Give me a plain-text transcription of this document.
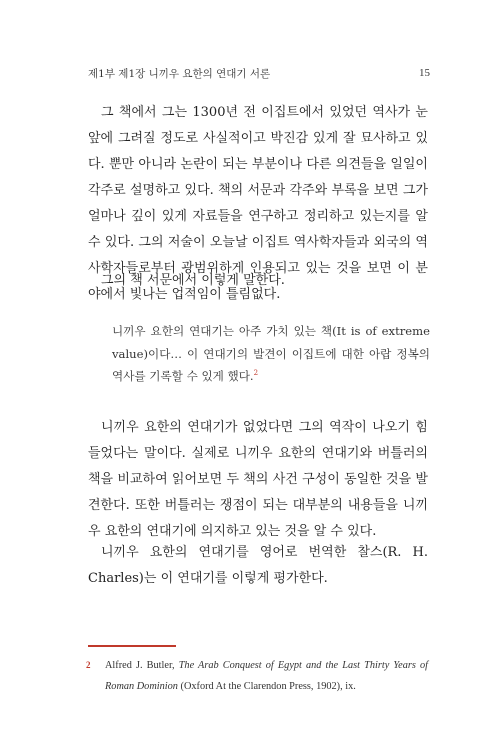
제1부 제1장 니끼우 요한의 연대기 서론	15

그 책에서 그는 1300년 전 이집트에서 있었던 역사가 눈앞에 그려질 정도로 사실적이고 박진감 있게 잘 묘사하고 있다. 뿐만 아니라 논란이 되는 부분이나 다른 의견들을 일일이 각주로 설명하고 있다. 책의 서문과 각주와 부록을 보면 그가 얼마나 깊이 있게 자료들을 연구하고 정리하고 있는지를 알 수 있다. 그의 저술이 오늘날 이집트 역사학자들과 외국의 역사학자들로부터 광범위하게 인용되고 있는 것을 보면 이 분야에서 빛나는 업적임이 틀림없다.

그의 책 서문에서 이렇게 말한다.

니끼우 요한의 연대기는 아주 가치 있는 책(It is of extreme value)이다… 이 연대기의 발견이 이집트에 대한 아랍 정복의 역사를 기록할 수 있게 했다.$^2$

니끼우 요한의 연대기가 없었다면 그의 역작이 나오기 힘들었다는 말이다. 실제로 니끼우 요한의 연대기와 버틀러의 책을 비교하여 읽어보면 두 책의 사건 구성이 동일한 것을 발견한다. 또한 버틀러는 쟁점이 되는 대부분의 내용들을 니끼우 요한의 연대기에 의지하고 있는 것을 알 수 있다.

니끼우 요한의 연대기를 영어로 번역한 찰스(R. H. Charles)는 이 연대기를 이렇게 평가한다.

2	Alfred J. Butler, The Arab Conquest of Egypt and the Last Thirty Years of Roman Dominion (Oxford At the Clarendon Press, 1902), ix.
